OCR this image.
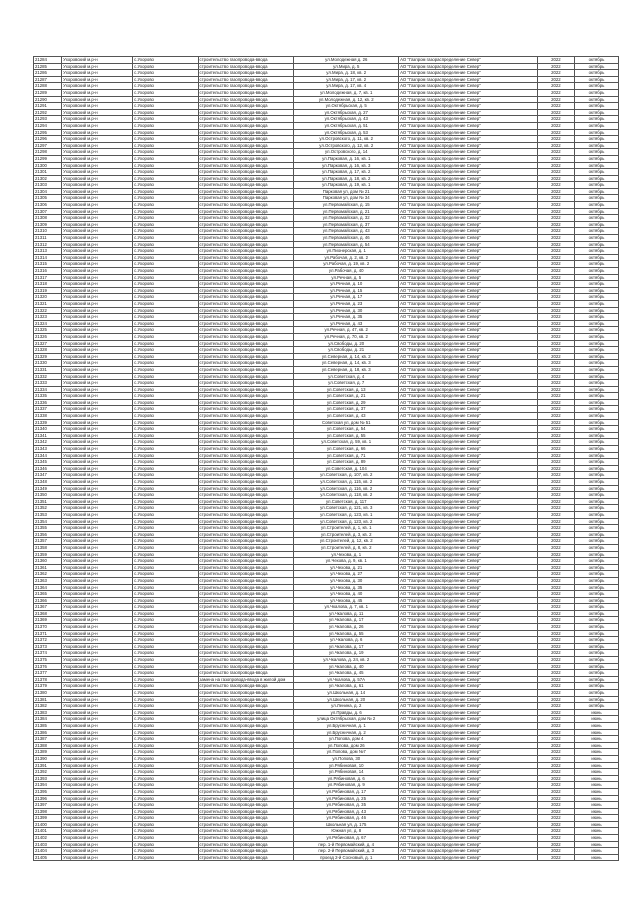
21284	Ухоровский м.р-н	с.Ухорово	строительство газопровода-ввода	ул.Молодежная д. 26	АО "Газпром газораспределение Север"	2022	октябрь
21285	Ухоровский м.р-н	с.Ухорово	строительство газопровода-ввода	ул.Мира, д. 5	АО "Газпром газораспределение Север"	2022	октябрь
21286	Ухоровский м.р-н	с.Ухорово	строительство газопровода-ввода	ул.Мира, д. 18, кв. 2	АО "Газпром газораспределение Север"	2022	октябрь
21287	Ухоровский м.р-н	с.Ухорово	строительство газопровода-ввода	ул.Мира, д. 17, кв. 2	АО "Газпром газораспределение Север"	2022	октябрь
21288	Ухоровский м.р-н	с.Ухорово	строительство газопровода-ввода	ул.Мира, д. 17, кв. 4	АО "Газпром газораспределение Север"	2022	октябрь
21289	Ухоровский м.р-н	с.Ухорово	строительство газопровода-ввода	ул.Молодежная, д. 7, кв. 1	АО "Газпром газораспределение Север"	2022	октябрь
21290	Ухоровский м.р-н	с.Ухорово	строительство газопровода-ввода	ул.Молодежная, д. 12, кв. 2	АО "Газпром газораспределение Север"	2022	октябрь
21291	Ухоровский м.р-н	с.Ухорово	строительство газопровода-ввода	ул.Октябрьская, д. 5	АО "Газпром газораспределение Север"	2022	октябрь
21292	Ухоровский м.р-н	с.Ухорово	строительство газопровода-ввода	ул.Октябрьская, д. 27	АО "Газпром газораспределение Север"	2022	октябрь
21293	Ухоровский м.р-н	с.Ухорово	строительство газопровода-ввода	ул.Октябрьская, д. 43	АО "Газпром газораспределение Север"	2022	октябрь
21294	Ухоровский м.р-н	с.Ухорово	строительство газопровода-ввода	ул.Октябрьская, д. 51	АО "Газпром газораспределение Север"	2022	октябрь
21295	Ухоровский м.р-н	с.Ухорово	строительство газопровода-ввода	ул.Октябрьская, д. 53	АО "Газпром газораспределение Север"	2022	октябрь
21296	Ухоровский м.р-н	с.Ухорово	строительство газопровода-ввода	ул.Островского, д. 11, кв. 2	АО "Газпром газораспределение Север"	2022	октябрь
21297	Ухоровский м.р-н	с.Ухорово	строительство газопровода-ввода	ул.Островского, д. 12, кв. 2	АО "Газпром газораспределение Север"	2022	октябрь
21298	Ухоровский м.р-н	с.Ухорово	строительство газопровода-ввода	ул.Островского, д. 14	АО "Газпром газораспределение Север"	2022	октябрь
21299	Ухоровский м.р-н	с.Ухорово	строительство газопровода-ввода	ул.Парковая, д. 16, кв. 1	АО "Газпром газораспределение Север"	2022	октябрь
21300	Ухоровский м.р-н	с.Ухорово	строительство газопровода-ввода	ул.Парковая, д. 16, кв. 3	АО "Газпром газораспределение Север"	2022	октябрь
21301	Ухоровский м.р-н	с.Ухорово	строительство газопровода-ввода	ул.Парковая, д. 17, кв. 2	АО "Газпром газораспределение Север"	2022	октябрь
21302	Ухоровский м.р-н	с.Ухорово	строительство газопровода-ввода	ул.Парковая, д. 18, кв. 2	АО "Газпром газораспределение Север"	2022	октябрь
21303	Ухоровский м.р-н	с.Ухорово	строительство газопровода-ввода	ул.Парковая, д. 19, кв. 1	АО "Газпром газораспределение Север"	2022	октябрь
21304	Ухоровский м.р-н	с.Ухорово	строительство газопровода-ввода	Парковая ул, дом № 21	АО "Газпром газораспределение Север"	2022	октябрь
21305	Ухоровский м.р-н	с.Ухорово	строительство газопровода-ввода	Парковая ул, дом № 34	АО "Газпром газораспределение Север"	2022	октябрь
21306	Ухоровский м.р-н	с.Ухорово	строительство газопровода-ввода	ул.Первомайская, д. 15	АО "Газпром газораспределение Север"	2022	октябрь
21307	Ухоровский м.р-н	с.Ухорово	строительство газопровода-ввода	ул.Первомайская, д. 21	АО "Газпром газораспределение Север"	2022	октябрь
21308	Ухоровский м.р-н	с.Ухорово	строительство газопровода-ввода	ул.Первомайская, д. 32	АО "Газпром газораспределение Север"	2022	октябрь
21309	Ухоровский м.р-н	с.Ухорово	строительство газопровода-ввода	ул.Первомайская, д. 37	АО "Газпром газораспределение Север"	2022	октябрь
21310	Ухоровский м.р-н	с.Ухорово	строительство газопровода-ввода	ул.Первомайская, д. 43	АО "Газпром газораспределение Север"	2022	октябрь
21311	Ухоровский м.р-н	с.Ухорово	строительство газопровода-ввода	ул.Первомайская, д. 46	АО "Газпром газораспределение Север"	2022	октябрь
21312	Ухоровский м.р-н	с.Ухорово	строительство газопровода-ввода	ул.Первомайская, д. 54	АО "Газпром газораспределение Север"	2022	октябрь
21313	Ухоровский м.р-н	с.Ухорово	строительство газопровода-ввода	ул.Пионерская, д. 1	АО "Газпром газораспределение Север"	2022	октябрь
21314	Ухоровский м.р-н	с.Ухорово	строительство газопровода-ввода	ул.Рабочая, д. 2, кв. 2	АО "Газпром газораспределение Север"	2022	октябрь
21315	Ухоровский м.р-н	с.Ухорово	строительство газопровода-ввода	ул.Рабочая, д. 19, кв. 2	АО "Газпром газораспределение Север"	2022	октябрь
21316	Ухоровский м.р-н	с.Ухорово	строительство газопровода-ввода	ул.Рабочая, д. 40	АО "Газпром газораспределение Север"	2022	октябрь
21317	Ухоровский м.р-н	с.Ухорово	строительство газопровода-ввода	ул.Речная, д. 5	АО "Газпром газораспределение Север"	2022	октябрь
21318	Ухоровский м.р-н	с.Ухорово	строительство газопровода-ввода	ул.Речная, д. 10	АО "Газпром газораспределение Север"	2022	октябрь
21319	Ухоровский м.р-н	с.Ухорово	строительство газопровода-ввода	ул.Речная, д. 15	АО "Газпром газораспределение Север"	2022	октябрь
21320	Ухоровский м.р-н	с.Ухорово	строительство газопровода-ввода	ул.Речная, д. 17	АО "Газпром газораспределение Север"	2022	октябрь
21321	Ухоровский м.р-н	с.Ухорово	строительство газопровода-ввода	ул.Речная, д. 23	АО "Газпром газораспределение Север"	2022	октябрь
21322	Ухоровский м.р-н	с.Ухорово	строительство газопровода-ввода	ул.Речная, д. 30	АО "Газпром газораспределение Север"	2022	октябрь
21323	Ухоровский м.р-н	с.Ухорово	строительство газопровода-ввода	ул.Речная, д. 35	АО "Газпром газораспределение Север"	2022	октябрь
21324	Ухоровский м.р-н	с.Ухорово	строительство газопровода-ввода	ул.Речная, д. 43	АО "Газпром газораспределение Север"	2022	октябрь
21325	Ухоровский м.р-н	с.Ухорово	строительство газопровода-ввода	ул.Речная, д. 47, кв. 2	АО "Газпром газораспределение Север"	2022	октябрь
21326	Ухоровский м.р-н	с.Ухорово	строительство газопровода-ввода	ул.Речная, д. 70, кв. 2	АО "Газпром газораспределение Север"	2022	октябрь
21327	Ухоровский м.р-н	с.Ухорово	строительство газопровода-ввода	ул.Свободы, д. 20	АО "Газпром газораспределение Север"	2022	октябрь
21328	Ухоровский м.р-н	с.Ухорово	строительство газопровода-ввода	ул.Свободы, д. 21	АО "Газпром газораспределение Север"	2022	октябрь
21329	Ухоровский м.р-н	с.Ухорово	строительство газопровода-ввода	ул.Северная, д. 14, кв. 2	АО "Газпром газораспределение Север"	2022	октябрь
21330	Ухоровский м.р-н	с.Ухорово	строительство газопровода-ввода	ул.Северная, д. 14, кв. 3	АО "Газпром газораспределение Север"	2022	октябрь
21331	Ухоровский м.р-н	с.Ухорово	строительство газопровода-ввода	ул.Северная, д. 18, кв. 3	АО "Газпром газораспределение Север"	2022	октябрь
21332	Ухоровский м.р-н	с.Ухорово	строительство газопровода-ввода	ул.Советская, д. 4	АО "Газпром газораспределение Север"	2022	октябрь
21333	Ухоровский м.р-н	с.Ухорово	строительство газопровода-ввода	ул.Советская, д. 7	АО "Газпром газораспределение Север"	2022	октябрь
21334	Ухоровский м.р-н	с.Ухорово	строительство газопровода-ввода	ул.Советская, д. 13	АО "Газпром газораспределение Север"	2022	октябрь
21335	Ухоровский м.р-н	с.Ухорово	строительство газопровода-ввода	ул.Советская, д. 21	АО "Газпром газораспределение Север"	2022	октябрь
21336	Ухоровский м.р-н	с.Ухорово	строительство газопровода-ввода	ул.Советская, д. 29	АО "Газпром газораспределение Север"	2022	октябрь
21337	Ухоровский м.р-н	с.Ухорово	строительство газопровода-ввода	ул.Советская, д. 37	АО "Газпром газораспределение Север"	2022	октябрь
21338	Ухоровский м.р-н	с.Ухорово	строительство газопровода-ввода	ул.Советская, д. 43	АО "Газпром газораспределение Север"	2022	октябрь
21339	Ухоровский м.р-н	с.Ухорово	строительство газопровода-ввода	Советская ул, дом № 51	АО "Газпром газораспределение Север"	2022	октябрь
21340	Ухоровский м.р-н	с.Ухорово	строительство газопровода-ввода	ул.Советская, д. 54	АО "Газпром газораспределение Север"	2022	октябрь
21341	Ухоровский м.р-н	с.Ухорово	строительство газопровода-ввода	ул.Советская, д. 55	АО "Газпром газораспределение Север"	2022	октябрь
21342	Ухоровский м.р-н	с.Ухорово	строительство газопровода-ввода	ул.Советская, д. 59, кв. 1	АО "Газпром газораспределение Север"	2022	октябрь
21343	Ухоровский м.р-н	с.Ухорово	строительство газопровода-ввода	ул.Советская, д. 66	АО "Газпром газораспределение Север"	2022	октябрь
21344	Ухоровский м.р-н	с.Ухорово	строительство газопровода-ввода	ул.Советская, д. 71	АО "Газпром газораспределение Север"	2022	октябрь
21345	Ухоровский м.р-н	с.Ухорово	строительство газопровода-ввода	ул.Советская, д. 89	АО "Газпром газораспределение Север"	2022	октябрь
21346	Ухоровский м.р-н	с.Ухорово	строительство газопровода-ввода	ул.Советская, д. 104	АО "Газпром газораспределение Север"	2022	октябрь
21347	Ухоровский м.р-н	с.Ухорово	строительство газопровода-ввода	ул.Советская, д. 107, кв. 2	АО "Газпром газораспределение Север"	2022	октябрь
21348	Ухоровский м.р-н	с.Ухорово	строительство газопровода-ввода	ул.Советская, д. 115, кв. 2	АО "Газпром газораспределение Север"	2022	октябрь
21349	Ухоровский м.р-н	с.Ухорово	строительство газопровода-ввода	ул.Советская, д. 116, кв. 2	АО "Газпром газораспределение Север"	2022	октябрь
21350	Ухоровский м.р-н	с.Ухорово	строительство газопровода-ввода	ул.Советская, д. 118, кв. 2	АО "Газпром газораспределение Север"	2022	октябрь
21351	Ухоровский м.р-н	с.Ухорово	строительство газопровода-ввода	ул.Советская, д. 117	АО "Газпром газораспределение Север"	2022	октябрь
21352	Ухоровский м.р-н	с.Ухорово	строительство газопровода-ввода	ул.Советская, д. 121, кв. 3	АО "Газпром газораспределение Север"	2022	октябрь
21353	Ухоровский м.р-н	с.Ухорово	строительство газопровода-ввода	ул.Советская, д. 123, кв. 1	АО "Газпром газораспределение Север"	2022	октябрь
21354	Ухоровский м.р-н	с.Ухорово	строительство газопровода-ввода	ул.Советская, д. 123, кв. 2	АО "Газпром газораспределение Север"	2022	октябрь
21355	Ухоровский м.р-н	с.Ухорово	строительство газопровода-ввода	ул.Строителей, д. 1, кв. 1	АО "Газпром газораспределение Север"	2022	октябрь
21356	Ухоровский м.р-н	с.Ухорово	строительство газопровода-ввода	ул.Строителей, д. 3, кв. 2	АО "Газпром газораспределение Север"	2022	октябрь
21357	Ухоровский м.р-н	с.Ухорово	строительство газопровода-ввода	ул.Строителей, д. 12, кв. 2	АО "Газпром газораспределение Север"	2022	октябрь
21358	Ухоровский м.р-н	с.Ухорово	строительство газопровода-ввода	ул.Строителей, д. 8, кв. 2	АО "Газпром газораспределение Север"	2022	октябрь
21359	Ухоровский м.р-н	с.Ухорово	строительство газопровода-ввода	ул.Чехова, д. 1	АО "Газпром газораспределение Север"	2022	октябрь
21360	Ухоровский м.р-н	с.Ухорово	строительство газопровода-ввода	ул.Чехова, д. 9, кв. 1	АО "Газпром газораспределение Север"	2022	октябрь
21361	Ухоровский м.р-н	с.Ухорово	строительство газопровода-ввода	ул.Чехова, д. 21	АО "Газпром газораспределение Север"	2022	октябрь
21362	Ухоровский м.р-н	с.Ухорово	строительство газопровода-ввода	ул.Чехова, д. 27	АО "Газпром газораспределение Север"	2022	октябрь
21363	Ухоровский м.р-н	с.Ухорово	строительство газопровода-ввода	ул.Чехова, д. 30	АО "Газпром газораспределение Север"	2022	октябрь
21364	Ухоровский м.р-н	с.Ухорово	строительство газопровода-ввода	ул.Чехова, д. 35	АО "Газпром газораспределение Север"	2022	октябрь
21365	Ухоровский м.р-н	с.Ухорово	строительство газопровода-ввода	ул.Чехова, д. 40	АО "Газпром газораспределение Север"	2022	октябрь
21366	Ухоровский м.р-н	с.Ухорово	строительство газопровода-ввода	ул.Чехова, д. 45	АО "Газпром газораспределение Север"	2022	октябрь
21367	Ухоровский м.р-н	с.Ухорово	строительство газопровода-ввода	ул.Чкалова, д. 7, кв. 1	АО "Газпром газораспределение Север"	2022	октябрь
21368	Ухоровский м.р-н	с.Ухорово	строительство газопровода-ввода	ул.Чкалова, д. 11	АО "Газпром газораспределение Север"	2022	октябрь
21369	Ухоровский м.р-н	с.Ухорово	строительство газопровода-ввода	ул.Чкалова, д. 17	АО "Газпром газораспределение Север"	2022	октябрь
21370	Ухоровский м.р-н	с.Ухорово	строительство газопровода-ввода	ул.Чкалова, д. 26	АО "Газпром газораспределение Север"	2022	октябрь
21371	Ухоровский м.р-н	с.Ухорово	строительство газопровода-ввода	ул.Чкалова, д. 55	АО "Газпром газораспределение Север"	2022	октябрь
21372	Ухоровский м.р-н	с.Ухорово	строительство газопровода-ввода	ул.Чкалова, д. 6	АО "Газпром газораспределение Север"	2022	октябрь
21373	Ухоровский м.р-н	с.Ухорово	строительство газопровода-ввода	ул.Чкалова, д. 17	АО "Газпром газораспределение Север"	2022	октябрь
21374	Ухоровский м.р-н	с.Ухорово	строительство газопровода-ввода	ул.Чкалова, д. 19	АО "Газпром газораспределение Север"	2022	октябрь
21375	Ухоровский м.р-н	с.Ухорово	строительство газопровода-ввода	ул.Чкалова, д. 24, кв. 2	АО "Газпром газораспределение Север"	2022	октябрь
21376	Ухоровский м.р-н	с.Ухорово	строительство газопровода-ввода	ул.Чкалова, д. 40	АО "Газпром газораспределение Север"	2022	октябрь
21377	Ухоровский м.р-н	с.Ухорово	строительство газопровода-ввода	ул.Чкалова, д. 45	АО "Газпром газораспределение Север"	2022	октябрь
21378	Ухоровский м.р-н	с.Ухорово	замена на газопровода-ввода в жилой дом	ул.Чкалова, д. 57А	АО "Газпром газораспределение Север"	2022	октябрь
21379	Ухоровский м.р-н	с.Ухорово	строительство газопровода-ввода	ул.Чкалова, д. 61	АО "Газпром газораспределение Север"	2022	октябрь
21380	Ухоровский м.р-н	с.Ухорово	строительство газопровода-ввода	ул.Школьная, д. 14	АО "Газпром газораспределение Север"	2022	октябрь
21381	Ухоровский м.р-н	с.Ухорово	строительство газопровода-ввода	ул.Школьная, д. 20	АО "Газпром газораспределение Север"	2022	октябрь
21382	Ухоровский м.р-н	с.Ухорово	строительство газопровода-ввода	ул.Ленина, д. 2	АО "Газпром газораспределение Север"	2022	октябрь
21383	Ухоровский м.р-н	с.Ухорово	строительство газопровода-ввода	ул.Правды, д. 6	АО "Газпром газораспределение Север"	2022	июнь
21384	Ухоровский м.р-н	с.Ухорово	строительство газопровода-ввода	улица Октябрьская, дом № 2	АО "Газпром газораспределение Север"	2022	июнь
21385	Ухоровский м.р-н	с.Ухорово	строительство газопровода-ввода	ул.Брусничная, д. 1	АО "Газпром газораспределение Север"	2022	июнь
21386	Ухоровский м.р-н	с.Ухорово	строительство газопровода-ввода	ул.Брусничная, д. 2	АО "Газпром газораспределение Север"	2022	июнь
21387	Ухоровский м.р-н	с.Ухорово	строительство газопровода-ввода	ул.Попова, дом 4	АО "Газпром газораспределение Север"	2022	июнь
21388	Ухоровский м.р-н	с.Ухорово	строительство газопровода-ввода	ул.Попова, дом 26	АО "Газпром газораспределение Север"	2022	июнь
21389	Ухоровский м.р-н	с.Ухорово	строительство газопровода-ввода	ул.Попова, дом №7	АО "Газпром газораспределение Север"	2022	июнь
21390	Ухоровский м.р-н	с.Ухорово	строительство газопровода-ввода	ул.Попова, 30	АО "Газпром газораспределение Север"	2022	июнь
21391	Ухоровский м.р-н	с.Ухорово	строительство газопровода-ввода	ул.Рябиновая, 10	АО "Газпром газораспределение Север"	2022	июнь
21392	Ухоровский м.р-н	с.Ухорово	строительство газопровода-ввода	ул.Рябиновая, 14	АО "Газпром газораспределение Север"	2022	июнь
21393	Ухоровский м.р-н	с.Ухорово	строительство газопровода-ввода	ул.Рябиновая, д. 6	АО "Газпром газораспределение Север"	2022	июнь
21394	Ухоровский м.р-н	с.Ухорово	строительство газопровода-ввода	ул.Рябиновая, д. 9	АО "Газпром газораспределение Север"	2022	июнь
21395	Ухоровский м.р-н	с.Ухорово	строительство газопровода-ввода	ул.Рябиновая, д. 17	АО "Газпром газораспределение Север"	2022	июнь
21396	Ухоровский м.р-н	с.Ухорово	строительство газопровода-ввода	ул.Рябиновая, д. 25	АО "Газпром газораспределение Север"	2022	июнь
21397	Ухоровский м.р-н	с.Ухорово	строительство газопровода-ввода	ул.Рябиновая, д. 35	АО "Газпром газораспределение Север"	2022	июнь
21398	Ухоровский м.р-н	с.Ухорово	строительство газопровода-ввода	ул.Рябиновая, д. 43	АО "Газпром газораспределение Север"	2022	июнь
21399	Ухоровский м.р-н	с.Ухорово	строительство газопровода-ввода	ул.Рябиновая, д. 46	АО "Газпром газораспределение Север"	2022	июнь
21400	Ухоровский м.р-н	с.Ухорово	строительство газопровода-ввода	Школьная ул, д. 175	АО "Газпром газораспределение Север"	2022	июнь
21401	Ухоровский м.р-н	с.Ухорово	строительство газопровода-ввода	Южная ул, д. 8	АО "Газпром газораспределение Север"	2022	июнь
21402	Ухоровский м.р-н	с.Ухорово	строительство газопровода-ввода	ул.Рябиновая, д. 67	АО "Газпром газораспределение Север"	2022	июнь
21403	Ухоровский м.р-н	с.Ухорово	строительство газопровода-ввода	пер. 1-й Первомайский, д. 4	АО "Газпром газораспределение Север"	2022	июнь
21404	Ухоровский м.р-н	с.Ухорово	строительство газопровода-ввода	пер. 2-й Первомайский, д. 3	АО "Газпром газораспределение Север"	2022	июнь
21405	Ухоровский м.р-н	с.Ухорово	строительство газопровода-ввода	проезд 2-й Сосновый, д. 1	АО "Газпром газораспределение Север"	2022	июнь
